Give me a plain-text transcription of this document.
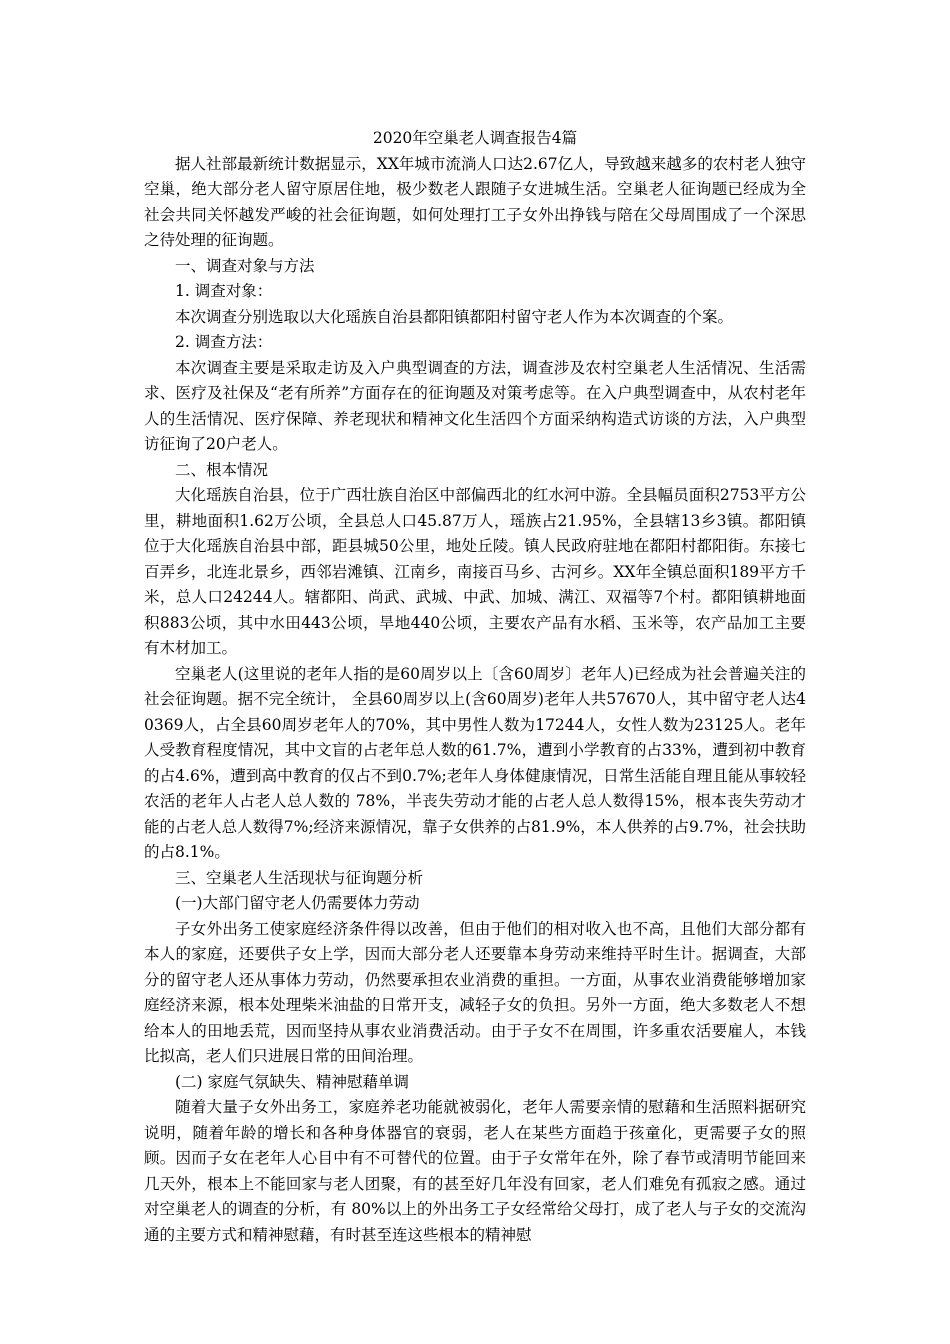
2020年空巢老人调查报告4篇

据人社部最新统计数据显示，XX年城市流淌人口达2.67亿人，导致越来越多的农村老人独守空巢，绝大部分老人留守原居住地，极少数老人跟随子女进城生活。空巢老人征询题已经成为全社会共同关怀越发严峻的社会征询题，如何处理打工子女外出挣钱与陪在父母周围成了一个深思之待处理的征询题。

一、调查对象与方法

1. 调查对象：

本次调查分别选取以大化瑶族自治县都阳镇都阳村留守老人作为本次调查的个案。

2. 调查方法：

本次调查主要是采取走访及入户典型调查的方法，调查涉及农村空巢老人生活情况、生活需求、医疗及社保及“老有所养”方面存在的征询题及对策考虑等。在入户典型调查中，从农村老年人的生活情况、医疗保障、养老现状和精神文化生活四个方面采纳构造式访谈的方法，入户典型访征询了20户老人。

二、根本情况

大化瑶族自治县，位于广西壮族自治区中部偏西北的红水河中游。全县幅员面积2753平方公里，耕地面积1.62万公顷，全县总人口45.87万人，瑶族占21.95%，全县辖13乡3镇。都阳镇位于大化瑶族自治县中部，距县城50公里，地处丘陵。镇人民政府驻地在都阳村都阳街。东接七百弄乡，北连北景乡，西邻岩滩镇、江南乡，南接百马乡、古河乡。XX年全镇总面积189平方千米，总人口24244人。辖都阳、尚武、武城、中武、加城、满江、双福等7个村。都阳镇耕地面积883公顷，其中水田443公顷，旱地440公顷，主要农产品有水稻、玉米等，农产品加工主要有木材加工。

空巢老人(这里说的老年人指的是60周岁以上〔含60周岁〕老年人)已经成为社会普遍关注的社会征询题。据不完全统计， 全县60周岁以上(含60周岁)老年人共57670人，其中留守老人达40369人，占全县60周岁老年人的70%，其中男性人数为17244人，女性人数为23125人。老年人受教育程度情况，其中文盲的占老年总人数的61.7%，遭到小学教育的占33%，遭到初中教育的占4.6%，遭到高中教育的仅占不到0.7%;老年人身体健康情况，日常生活能自理且能从事较轻农活的老年人占老人总人数的 78%，半丧失劳动才能的占老人总人数得15%，根本丧失劳动才能的占老人总人数得7%;经济来源情况，靠子女供养的占81.9%，本人供养的占9.7%，社会扶助的占8.1%。

三、空巢老人生活现状与征询题分析

(一)大部门留守老人仍需要体力劳动

子女外出务工使家庭经济条件得以改善，但由于他们的相对收入也不高，且他们大部分都有本人的家庭，还要供子女上学，因而大部分老人还要靠本身劳动来维持平时生计。据调查，大部分的留守老人还从事体力劳动，仍然要承担农业消费的重担。一方面，从事农业消费能够增加家庭经济来源，根本处理柴米油盐的日常开支，减轻子女的负担。另外一方面，绝大多数老人不想给本人的田地丢荒，因而坚持从事农业消费活动。由于子女不在周围，许多重农活要雇人，本钱比拟高，老人们只进展日常的田间治理。

(二) 家庭气氛缺失、精神慰藉单调

随着大量子女外出务工，家庭养老功能就被弱化，老年人需要亲情的慰藉和生活照料据研究说明，随着年龄的增长和各种身体器官的衰弱，老人在某些方面趋于孩童化，更需要子女的照顾。因而子女在老年人心目中有不可替代的位置。由于子女常年在外，除了春节或清明节能回来几天外，根本上不能回家与老人团聚，有的甚至好几年没有回家，老人们难免有孤寂之感。通过对空巢老人的调查的分析，有 80%以上的外出务工子女经常给父母打，成了老人与子女的交流沟通的主要方式和精神慰藉，有时甚至连这些根本的精神慰
